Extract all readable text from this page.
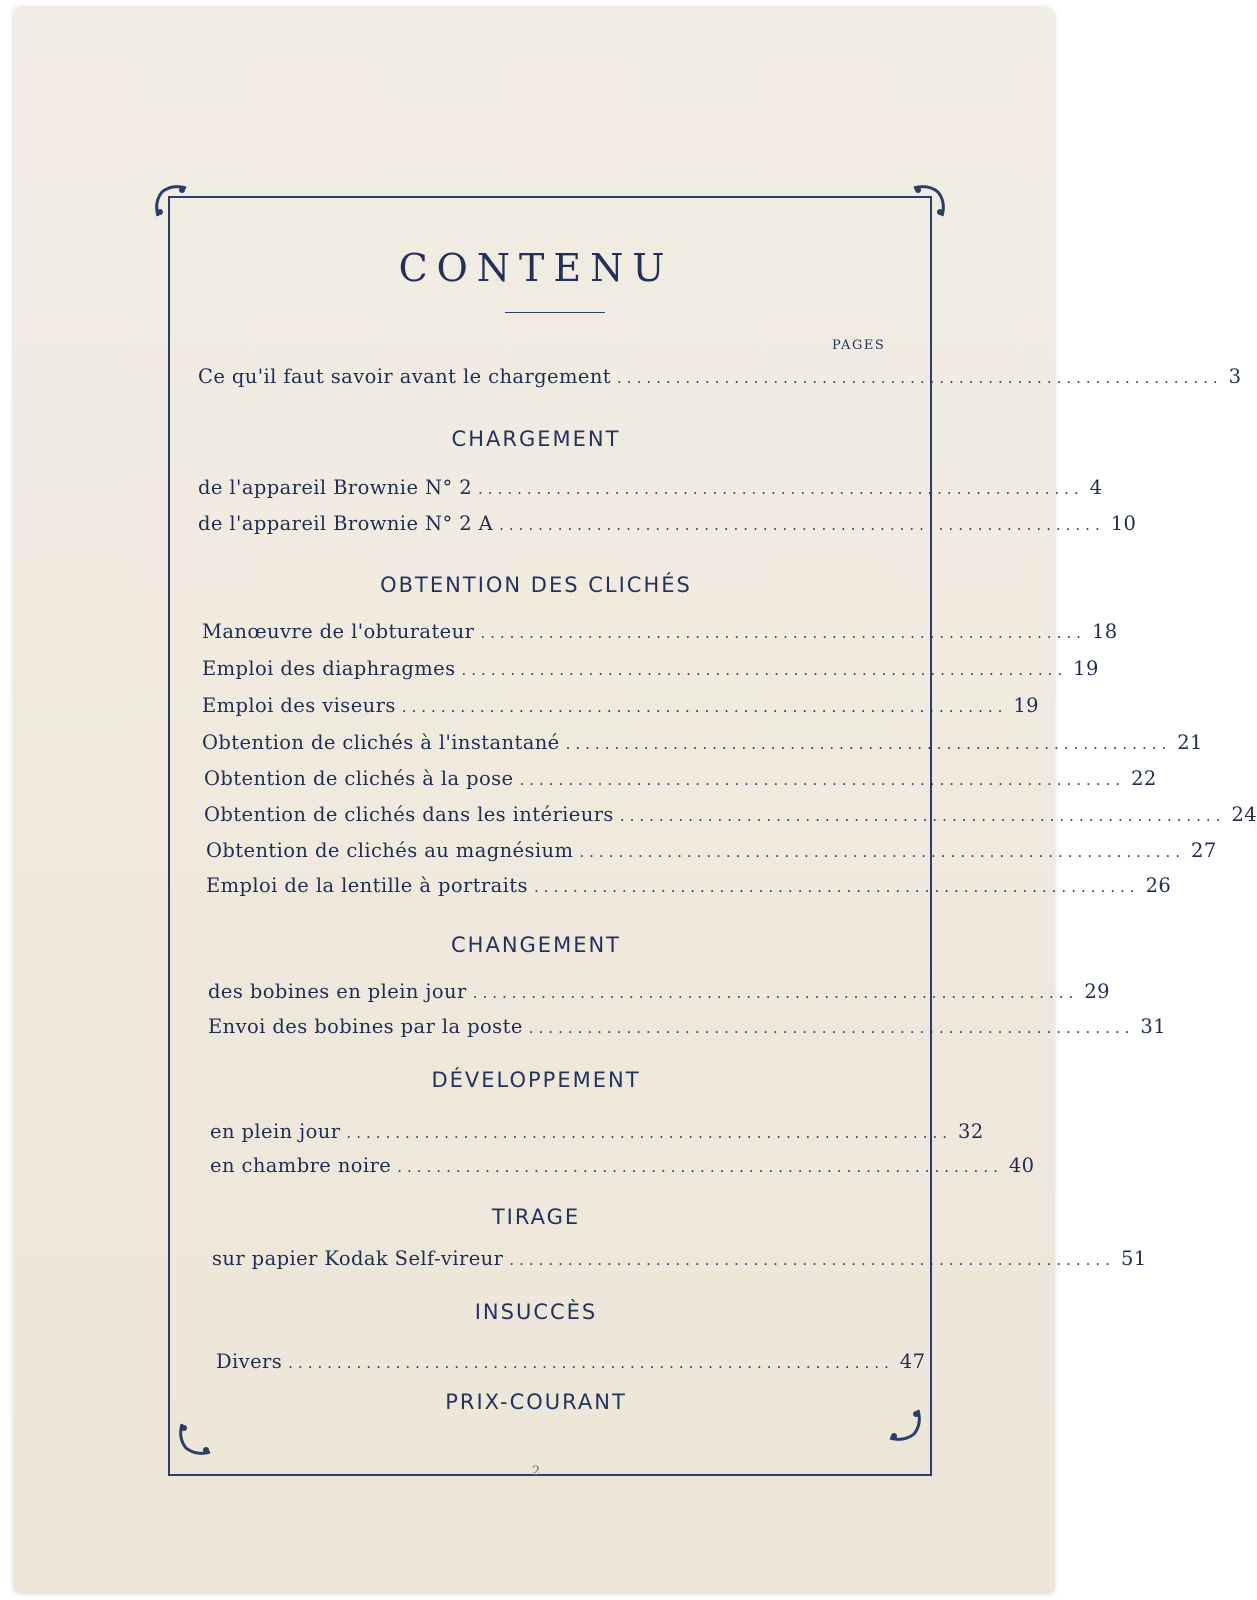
CONTENU
PAGES
Ce qu'il faut savoir avant le chargement .............................................................. 3
CHARGEMENT
de l'appareil Brownie N° 2 .............................................................. 4
de l'appareil Brownie N° 2 A .............................................................. 10
OBTENTION DES CLICHÉS
Manœuvre de l'obturateur .............................................................. 18
Emploi des diaphragmes .............................................................. 19
Emploi des viseurs .............................................................. 19
Obtention de clichés à l'instantané .............................................................. 21
Obtention de clichés à la pose .............................................................. 22
Obtention de clichés dans les intérieurs .............................................................. 24
Obtention de clichés au magnésium .............................................................. 27
Emploi de la lentille à portraits .............................................................. 26
CHANGEMENT
des bobines en plein jour .............................................................. 29
Envoi des bobines par la poste .............................................................. 31
DÉVELOPPEMENT
en plein jour .............................................................. 32
en chambre noire .............................................................. 40
TIRAGE
sur papier Kodak Self-vireur .............................................................. 51
INSUCCÈS
Divers .............................................................. 47
PRIX-COURANT
2
